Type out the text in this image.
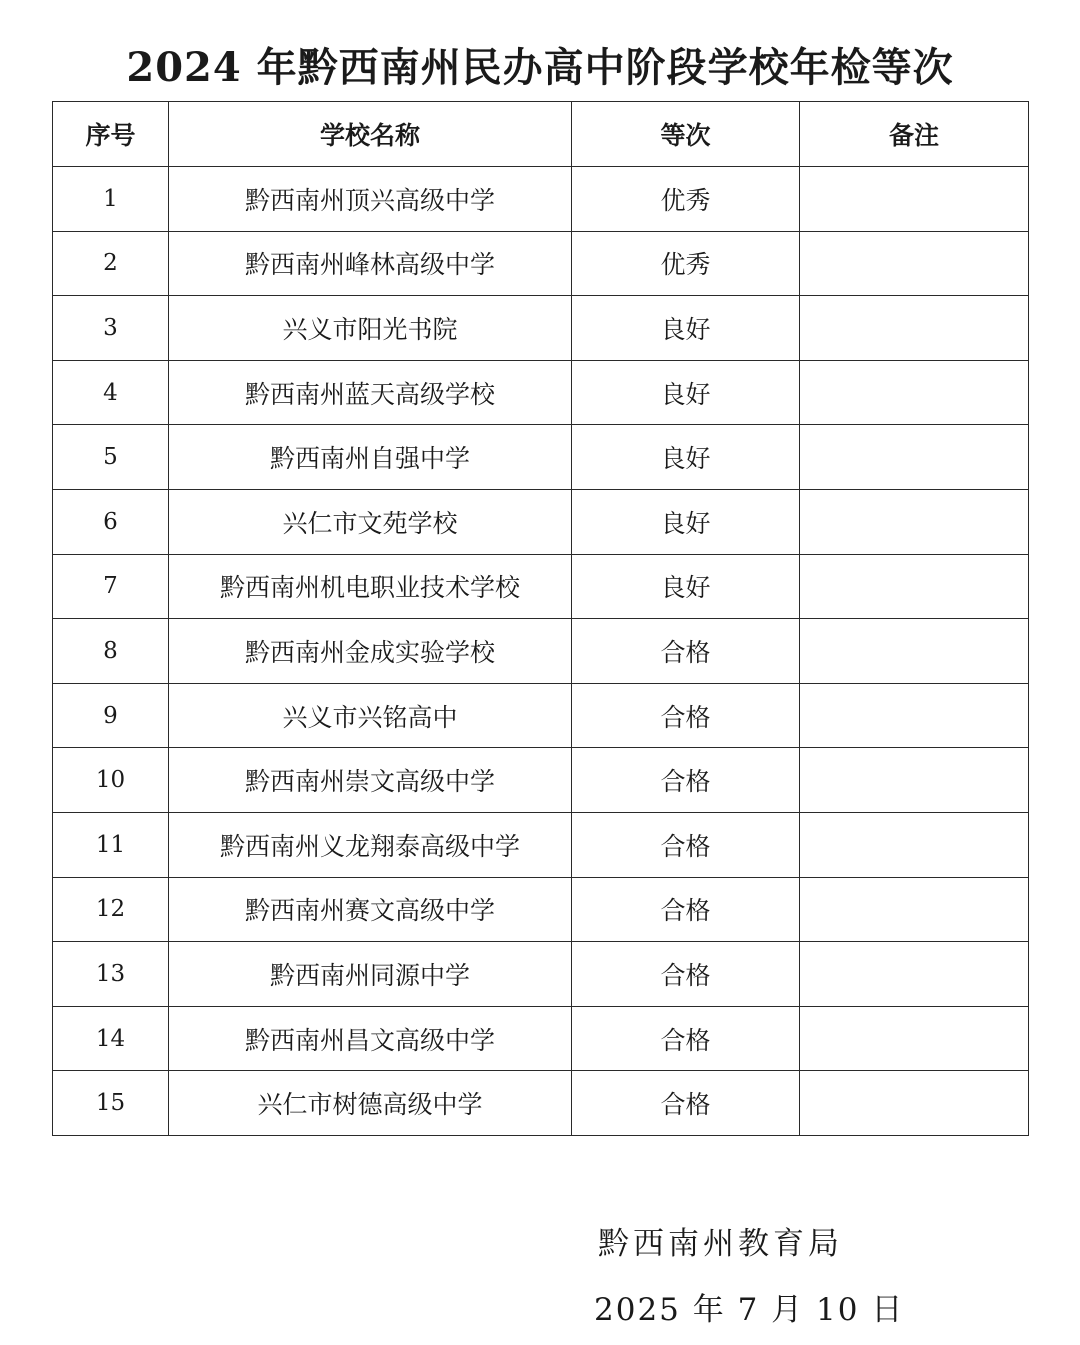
2024 年黔西南州民办高中阶段学校年检等次
序号	学校名称	等次	备注
1	黔西南州顶兴高级中学	优秀	
2	黔西南州峰林高级中学	优秀	
3	兴义市阳光书院	良好	
4	黔西南州蓝天高级学校	良好	
5	黔西南州自强中学	良好	
6	兴仁市文苑学校	良好	
7	黔西南州机电职业技术学校	良好	
8	黔西南州金成实验学校	合格	
9	兴义市兴铭高中	合格	
10	黔西南州崇文高级中学	合格	
11	黔西南州义龙翔泰高级中学	合格	
12	黔西南州赛文高级中学	合格	
13	黔西南州同源中学	合格	
14	黔西南州昌文高级中学	合格	
15	兴仁市树德高级中学	合格	
黔西南州教育局
2025 年 7 月 10 日
